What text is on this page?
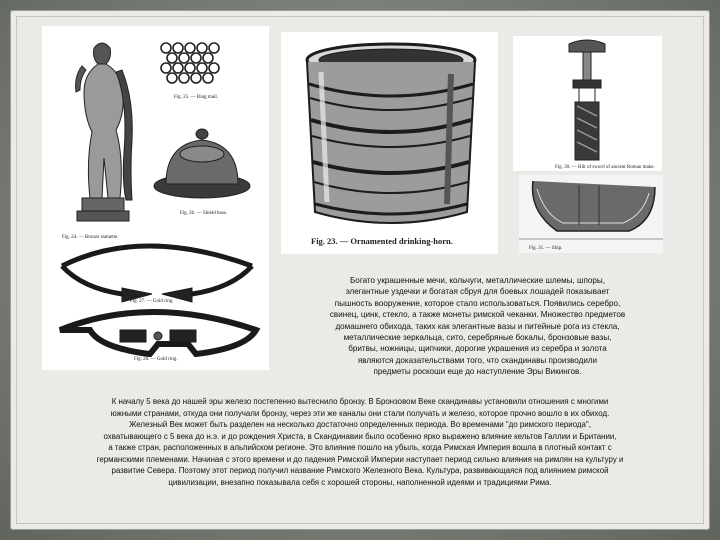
Fig. 24. — Bronze statuette.
Fig. 25. — Ring mail.
Fig. 26. — Shield boss.
Fig. 27. — Gold ring.
Fig. 28. — Gold ring.
Fig. 23. — Ornamented drinking-horn.
Fig. 30. — Hilt of sword of ancient Roman make.
Fig. 31. — Ship.

Богато украшенные мечи, кольчуги, металлические шлемы, шпоры,

элегантные уздечки и богатая сбруя для боевых лошадей показывает

пышность вооружение, которое стало использоваться. Появились серебро,

свинец, цинк, стекло, а также монеты римской чеканки. Множество предметов

домашнего обихода, таких как элегантные вазы и питейные рога из стекла,

металлические зеркальца, сито, серебряные бокалы, бронзовые вазы,

бритвы, ножницы, щипчики, дорогие украшения из серебра и золота

являются доказательствами того, что скандинавы производили

предметы роскоши еще до наступление Эры Викингов.

К началу 5 века до нашей эры железо постепенно вытеснило бронзу. В Бронзовом Веке скандинавы установили отношения с многими

южными странами, откуда они получали бронзу, через эти же каналы они стали получать и железо, которое прочно вошло в их обиход.

Железный Век может быть разделен на несколько достаточно определенных периода. Во временами "до римского периода",

охватывающего с 5 века до н.э. и до рождения Христа, в Скандинавии было особенно ярко выражено влияние кельтов Галлии и Британии,

а также стран, расположенных в альпийском регионе. Это влияние пошло на убыль, когда Римская Империя вошла в плотный контакт с

германскими племенами. Начиная с этого времени и до падения Римской Империи наступает период сильно влияния на римлян на культуру и

развитие Севера. Поэтому этот период получил название Римского Железного Века. Культура, развивающаяся под влиянием римской

цивилизации, внезапно показывала себя с хорошей стороны, наполненной идеями и традициями Рима.
